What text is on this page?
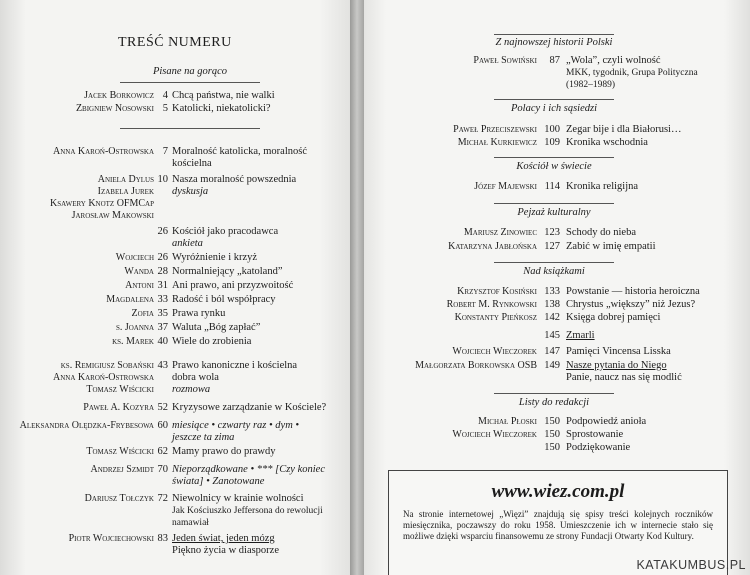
TREŚĆ NUMERU
Pisane na gorąco
Jacek Borkowicz 4 Chcą państwa, nie walki
Zbigniew Nosowski 5 Katolicki, niekatolicki?
Anna Karoń-Ostrowska 7 Moralność katolicka, moralność
kościelna
Aniela Dylus
Izabela Jurek
Ksawery Knotz OFMCap
Jarosław Makowski
10 Nasza moralność powszednia
dyskusja
26 Kościół jako pracodawca
ankieta
Wojciech 26 Wyróżnienie i krzyż
Wanda 28 Normalniejący „katoland”
Antoni 31 Ani prawo, ani przyzwoitość
Magdalena 33 Radość i ból współpracy
Zofia 35 Prawa rynku
s. Joanna 37 Waluta „Bóg zapłać”
ks. Marek 40 Wiele do zrobienia
ks. Remigiusz Sobański
Anna Karoń-Ostrowska
Tomasz Wiścicki
43 Prawo kanoniczne i kościelna
dobra wola
rozmowa
Paweł A. Kozyra 52 Kryzysowe zarządzanie w Kościele?
Aleksandra Olędzka-Frybesowa 60 miesiące • czwarty raz • dym •
jeszcze ta zima
Tomasz Wiścicki 62 Mamy prawo do prawdy
Andrzej Szmidt 70 Nieporządkowane • *** [Czy koniec
świata] • Zanotowane
Dariusz Tołczyk 72 Niewolnicy w krainie wolności
Jak Kościuszko Jeffersona do rewolucji
namawiał
Piotr Wojciechowski 83 Jeden świat, jeden mózg
Piękno życia w diasporze
Z najnowszej historii Polski
Paweł Sowiński	87 „Wola”, czyli wolność
MKK, tygodnik, Grupa Polityczna
(1982–1989)
Polacy i ich sąsiedzi
Paweł Przeciszewski 100 Zegar bije i dla Białorusi…
Michał Kurkiewicz 109 Kronika wschodnia
Kościół w świecie
Józef Majewski 114 Kronika religijna
Pejzaż kulturalny
Mariusz Zinowiec 123 Schody do nieba
Katarzyna Jabłońska 127 Zabić w imię empatii
Nad książkami
Krzysztof Kosiński 133 Powstanie — historia heroiczna
Robert M. Rynkowski 138 Chrystus „większy” niż Jezus?
Konstanty Pieńkosz 142 Księga dobrej pamięci
145 Zmarli
Wojciech Wieczorek 147 Pamięci Vincensa Lisska
Małgorzata Borkowska OSB 149 Nasze pytania do Niego
Panie, naucz nas się modlić
Listy do redakcji
Michał Płoski 150 Podpowiedź anioła
Wojciech Wieczorek 150 Sprostowanie
150 Podziękowanie
www.wiez.com.pl
Na stronie internetowej „Więzi” znajdują się spisy treści kolejnych roczników miesięcznika, poczawszy do roku 1958. Umieszczenie ich w internecie stało się możliwe dzięki wsparciu finansowemu ze strony Fundacji Otwarty Kod Kultury.
KATAKUMBUS.PL
